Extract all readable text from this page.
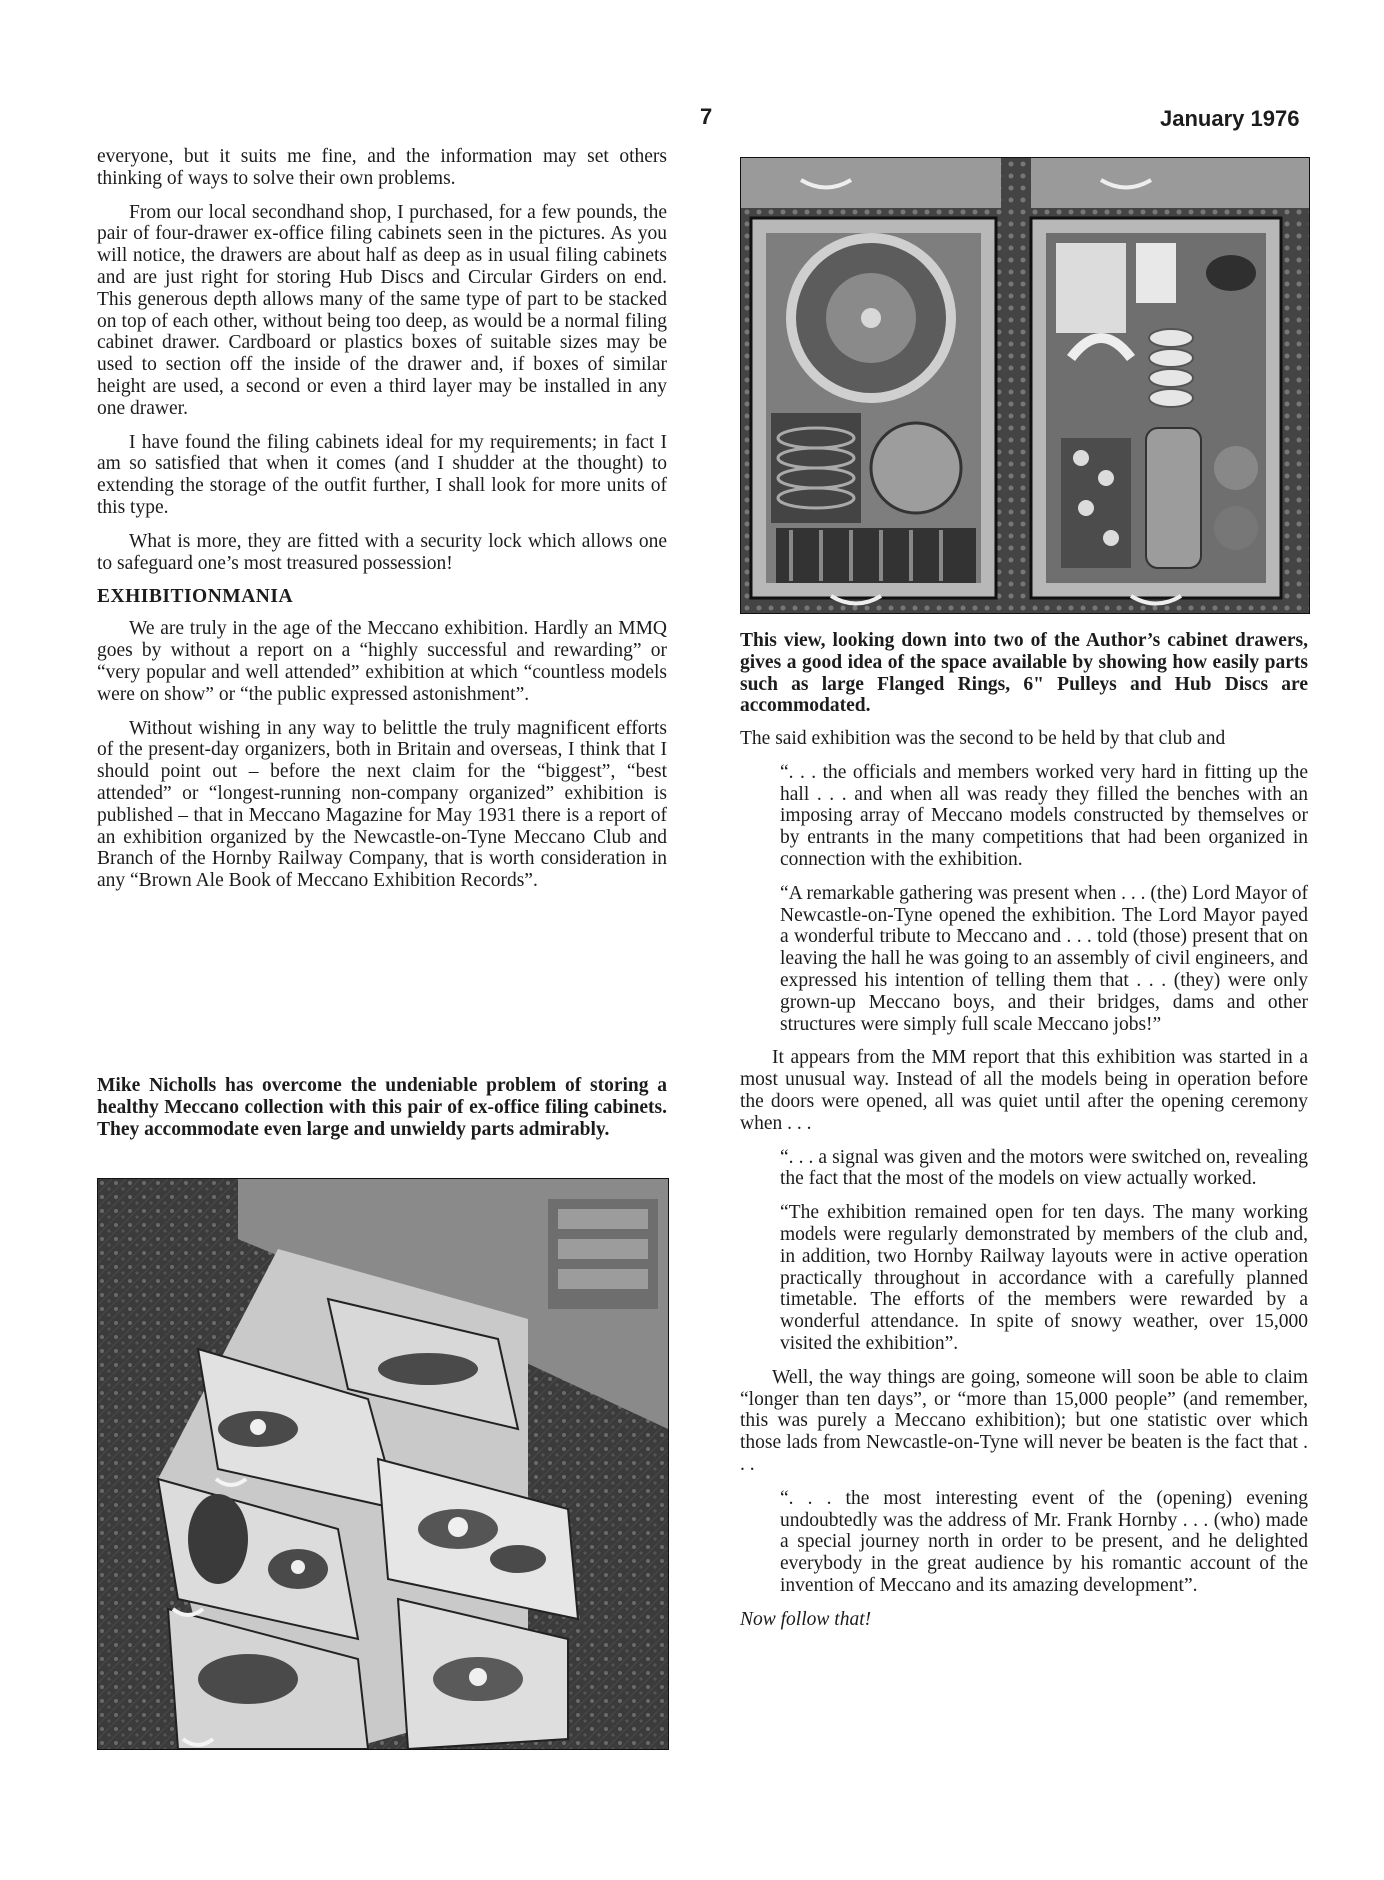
7	January 1976

everyone, but it suits me fine, and the information may set others thinking of ways to solve their own problems.

From our local secondhand shop, I purchased, for a few pounds, the pair of four-drawer ex-office filing cabinets seen in the pictures. As you will notice, the drawers are about half as deep as in usual filing cabinets and are just right for storing Hub Discs and Circular Girders on end. This generous depth allows many of the same type of part to be stacked on top of each other, without being too deep, as would be a normal filing cabinet drawer. Cardboard or plastics boxes of suitable sizes may be used to section off the inside of the drawer and, if boxes of similar height are used, a second or even a third layer may be installed in any one drawer.

I have found the filing cabinets ideal for my requirements; in fact I am so satisfied that when it comes (and I shudder at the thought) to extending the storage of the outfit further, I shall look for more units of this type.

What is more, they are fitted with a security lock which allows one to safeguard one’s most treasured possession!

EXHIBITIONMANIA

We are truly in the age of the Meccano exhibition. Hardly an MMQ goes by without a report on a “highly successful and rewarding” or “very popular and well attended” exhibition at which “countless models were on show” or “the public expressed astonishment”.

Without wishing in any way to belittle the truly magnificent efforts of the present-day organizers, both in Britain and overseas, I think that I should point out – before the next claim for the “biggest”, “best attended” or “longest-running non-company organized” exhibition is published – that in Meccano Magazine for May 1931 there is a report of an exhibition organized by the Newcastle-on-Tyne Meccano Club and Branch of the Hornby Railway Company, that is worth consideration in any “Brown Ale Book of Meccano Exhibition Records”.

Mike Nicholls has overcome the undeniable problem of storing a healthy Meccano collection with this pair of ex-office filing cabinets. They accommodate even large and unwieldy parts admirably.
This view, looking down into two of the Author’s cabinet drawers, gives a good idea of the space available by showing how easily parts such as large Flanged Rings, 6" Pulleys and Hub Discs are accommodated.

The said exhibition was the second to be held by that club and

“. . . the officials and members worked very hard in fitting up the hall . . . and when all was ready they filled the benches with an imposing array of Meccano models constructed by themselves or by entrants in the many competitions that had been organized in connection with the exhibition.

“A remarkable gathering was present when . . . (the) Lord Mayor of Newcastle-on-Tyne opened the exhibition. The Lord Mayor payed a wonderful tribute to Meccano and . . . told (those) present that on leaving the hall he was going to an assembly of civil engineers, and expressed his intention of telling them that . . . (they) were only grown-up Meccano boys, and their bridges, dams and other structures were simply full scale Meccano jobs!”

It appears from the MM report that this exhibition was started in a most unusual way. Instead of all the models being in operation before the doors were opened, all was quiet until after the opening ceremony when . . .

“. . . a signal was given and the motors were switched on, revealing the fact that the most of the models on view actually worked.

“The exhibition remained open for ten days. The many working models were regularly demonstrated by members of the club and, in addition, two Hornby Railway layouts were in active operation practically throughout in accordance with a carefully planned timetable. The efforts of the members were rewarded by a wonderful attendance. In spite of snowy weather, over 15,000 visited the exhibition”.

Well, the way things are going, someone will soon be able to claim “longer than ten days”, or “more than 15,000 people” (and remember, this was purely a Meccano exhibition); but one statistic over which those lads from Newcastle-on-Tyne will never be beaten is the fact that . . .

“. . . the most interesting event of the (opening) evening undoubtedly was the address of Mr. Frank Hornby . . . (who) made a special journey north in order to be present, and he delighted everybody in the great audience by his romantic account of the invention of Meccano and its amazing development”.

Now follow that!
